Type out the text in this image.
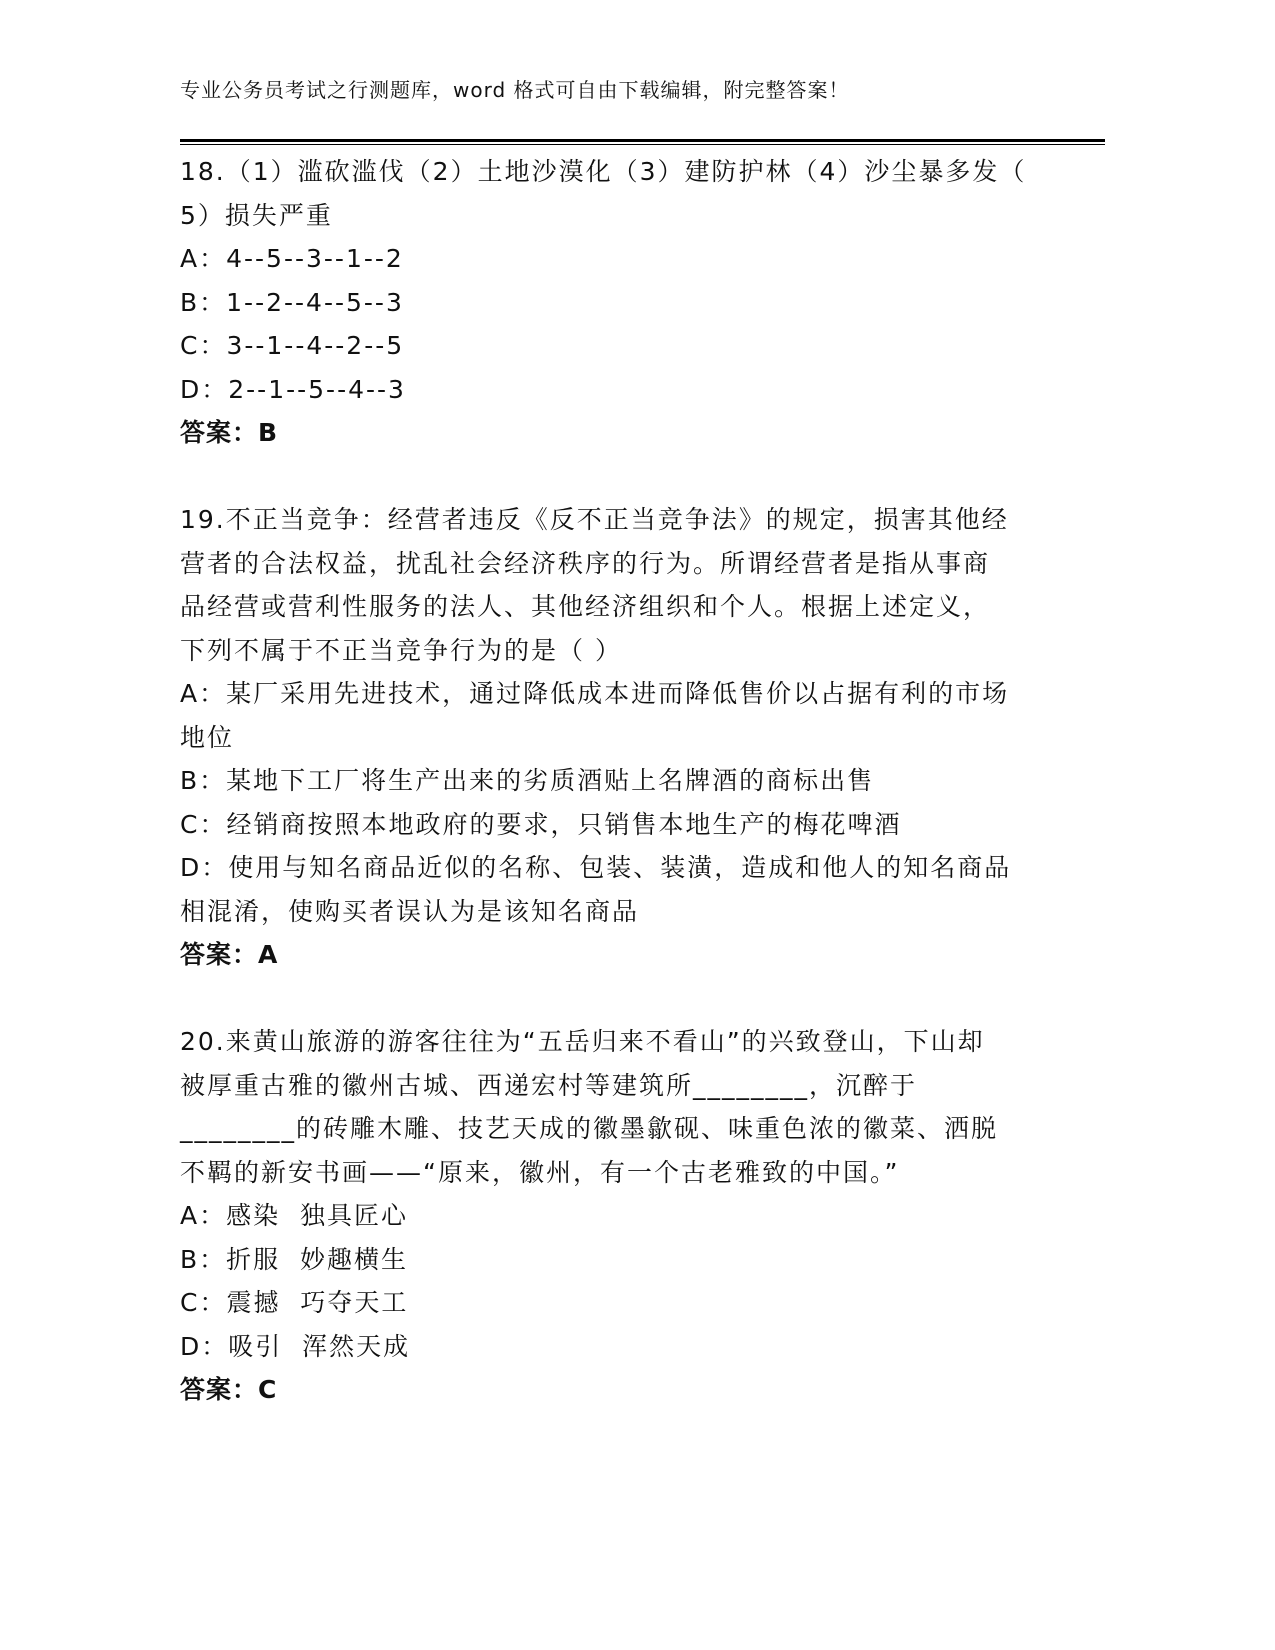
专业公务员考试之行测题库，word 格式可自由下载编辑，附完整答案！
18.（1）滥砍滥伐（2）土地沙漠化（3）建防护林（4）沙尘暴多发（
5）损失严重
A：4--5--3--1--2
B：1--2--4--5--3
C：3--1--4--2--5
D：2--1--5--4--3
答案：B
19.不正当竞争：经营者违反《反不正当竞争法》的规定，损害其他经
营者的合法权益，扰乱社会经济秩序的行为。所谓经营者是指从事商
品经营或营利性服务的法人、其他经济组织和个人。根据上述定义，
下列不属于不正当竞争行为的是（ ）
A：某厂采用先进技术，通过降低成本进而降低售价以占据有利的市场
地位
B：某地下工厂将生产出来的劣质酒贴上名牌酒的商标出售
C：经销商按照本地政府的要求，只销售本地生产的梅花啤酒
D：使用与知名商品近似的名称、包装、装潢，造成和他人的知名商品
相混淆，使购买者误认为是该知名商品
答案：A
20.来黄山旅游的游客往往为“五岳归来不看山”的兴致登山，下山却
被厚重古雅的徽州古城、西递宏村等建筑所________，沉醉于
________的砖雕木雕、技艺天成的徽墨歙砚、味重色浓的徽菜、洒脱
不羁的新安书画——“原来，徽州，有一个古老雅致的中国。”
A：感染  独具匠心
B：折服  妙趣横生
C：震撼  巧夺天工
D：吸引  浑然天成
答案：C
